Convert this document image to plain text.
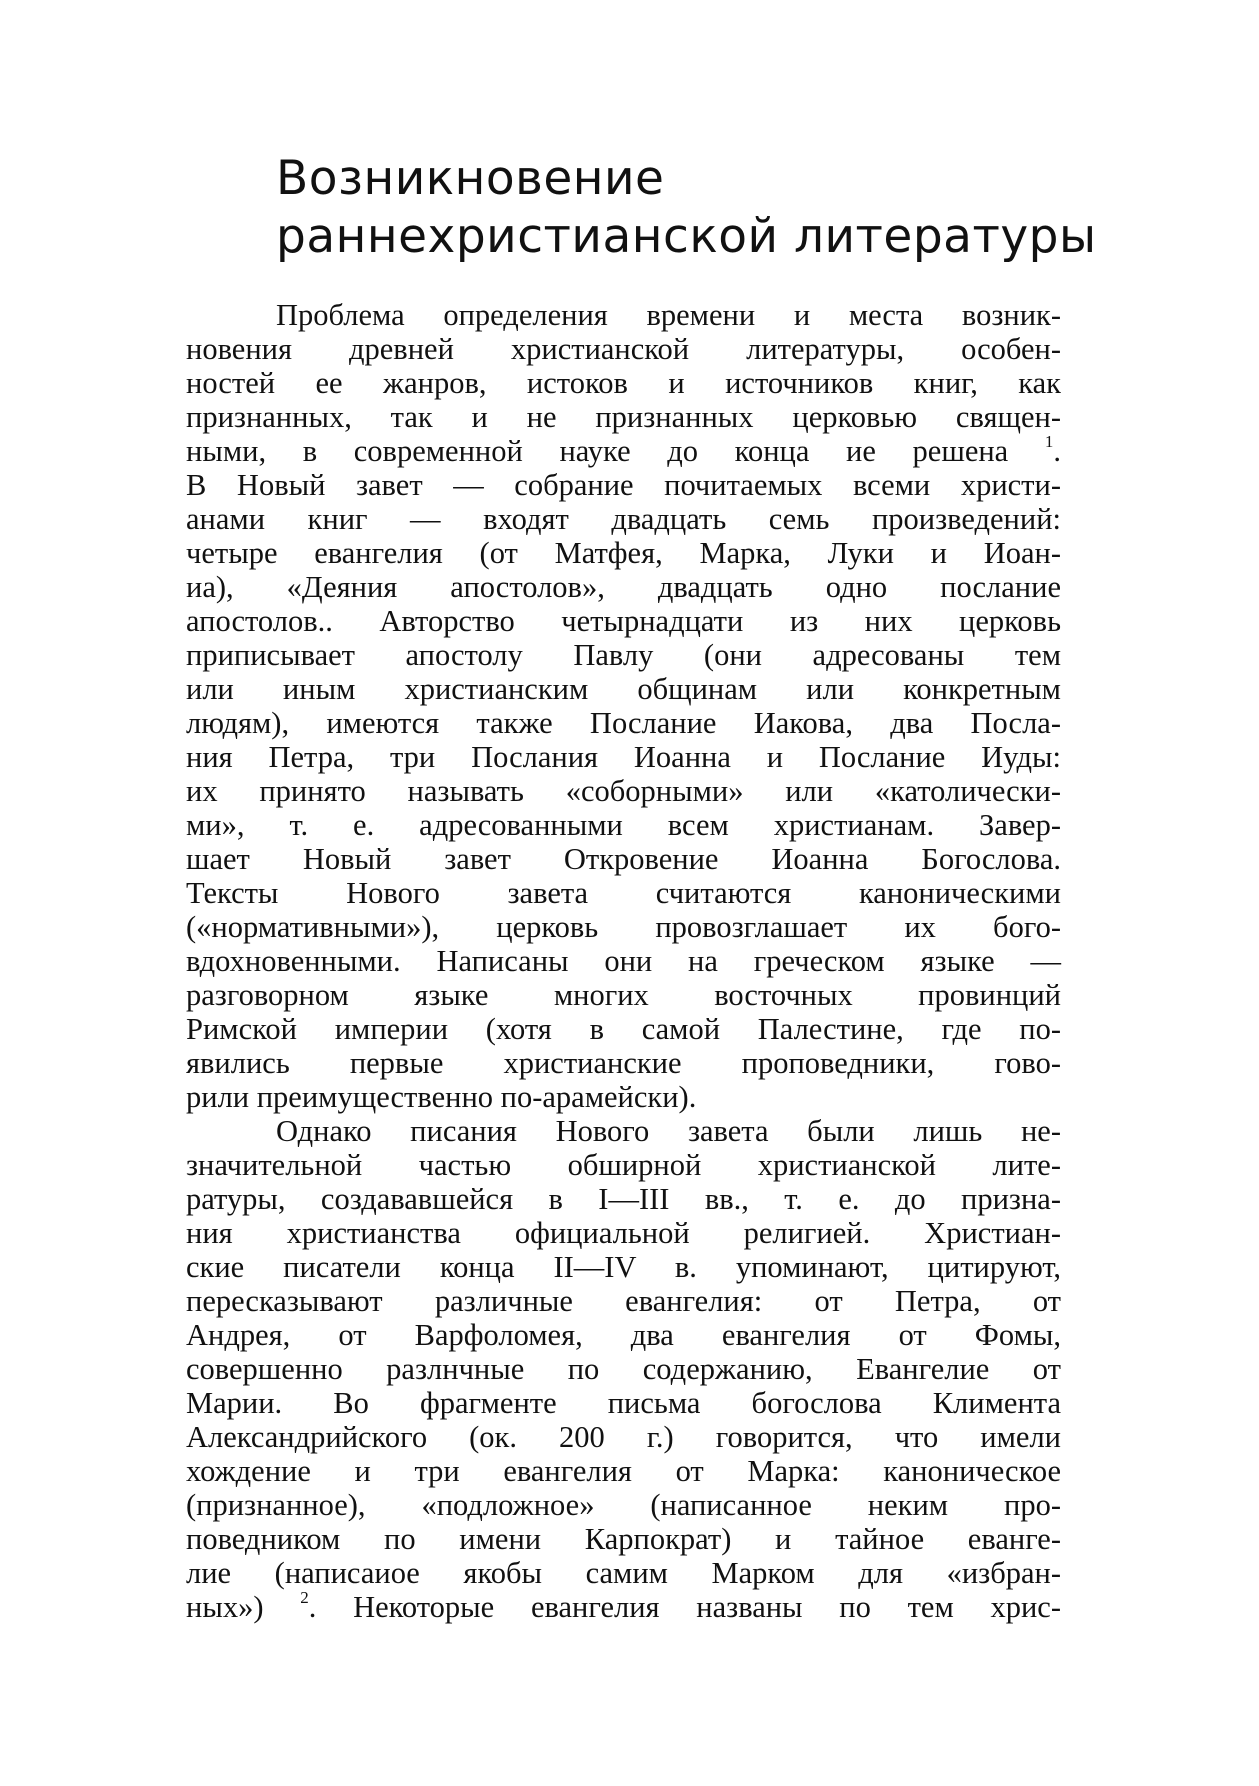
Возникновение
раннехристианской литературы
Проблема определения времени и места возник-
новения древней христианской литературы, особен-
ностей ее жанров, истоков и источников книг, как
признанных, так и не признанных церковью священ-
ными, в современной науке до конца ие решена $^1$.
В Новый завет — собрание почитаемых всеми христи-
анами книг — входят двадцать семь произведений:
четыре евангелия (от Матфея, Марка, Луки и Иоан-
иа), «Деяния апостолов», двадцать одно послание
апостолов.. Авторство четырнадцати из них церковь
приписывает апостолу Павлу (они адресованы тем
или иным христианским общинам или конкретным
людям), имеются также Послание Иакова, два Посла-
ния Петра, три Послания Иоанна и Послание Иуды:
их принято называть «соборными» или «католически-
ми», т. е. адресованными всем христианам. Завер-
шает Новый завет Откровение Иоанна Богослова.
Тексты Нового завета считаются каноническими
(«нормативными»), церковь провозглашает их бого-
вдохновенными. Написаны они на греческом языке —
разговорном языке многих восточных провинций
Римской империи (хотя в самой Палестине, где по-
явились первые христианские проповедники, гово-
рили преимущественно по-арамейски).
Однако писания Нового завета были лишь не-
значительной частью обширной христианской лите-
ратуры, создававшейся в I—III вв., т. е. до призна-
ния христианства официальной религией. Христиан-
ские писатели конца II—IV в. упоминают, цитируют,
пересказывают различные евангелия: от Петра, от
Андрея, от Варфоломея, два евангелия от Фомы,
совершенно разлнчные по содержанию, Евангелие от
Марии. Во фрагменте письма богослова Климента
Александрийского (ок. 200 г.) говорится, что имели
хождение и три евангелия от Марка: каноническое
(признанное), «подложное» (написанное неким про-
поведником по имени Карпократ) и тайное еванге-
лие (написаиое якобы самим Марком для «избран-
ных») $^2$. Некоторые евангелия названы по тем хрис-
